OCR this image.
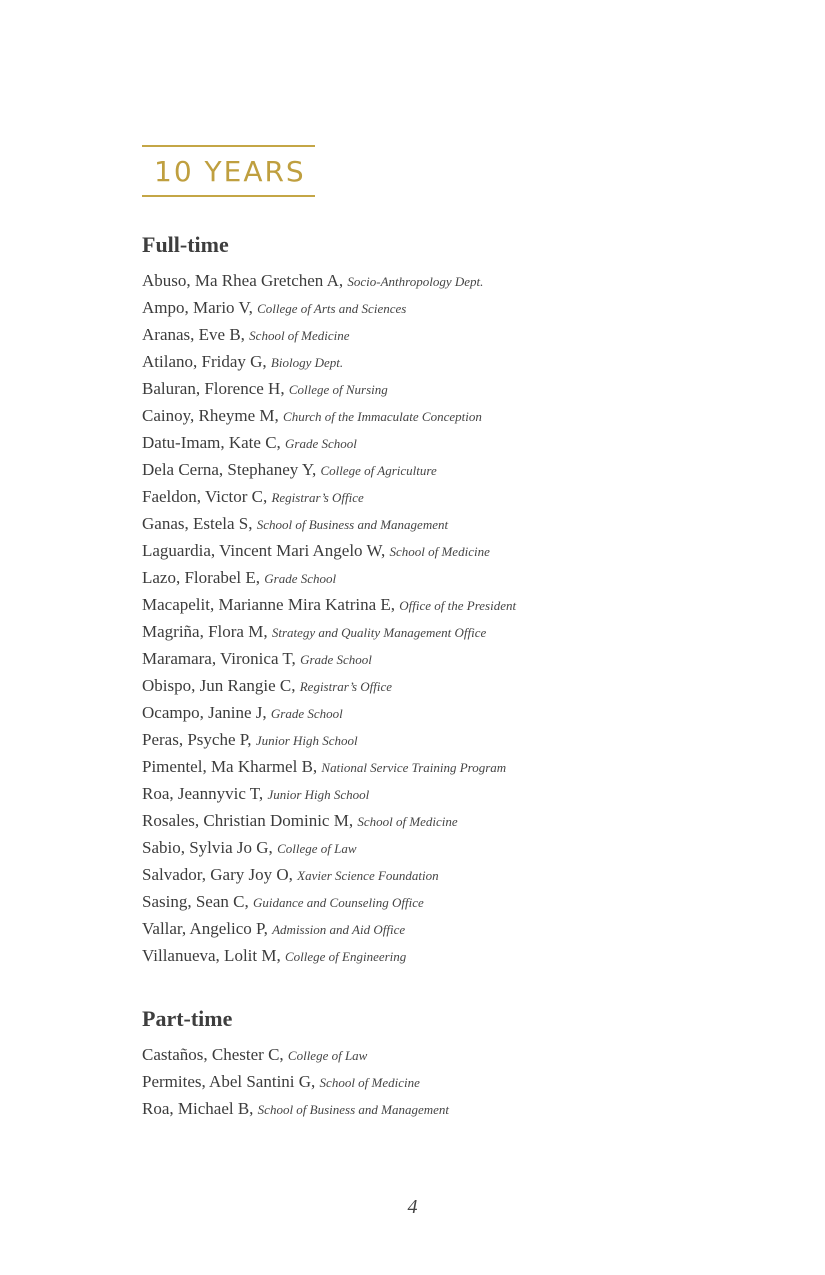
10 YEARS
Full-time
Abuso, Ma Rhea Gretchen A, Socio-Anthropology Dept.
Ampo, Mario V, College of Arts and Sciences
Aranas, Eve B, School of Medicine
Atilano, Friday G, Biology Dept.
Baluran, Florence H, College of Nursing
Cainoy, Rheyme M, Church of the Immaculate Conception
Datu-Imam, Kate C, Grade School
Dela Cerna, Stephaney Y, College of Agriculture
Faeldon, Victor C, Registrar’s Office
Ganas, Estela S, School of Business and Management
Laguardia, Vincent Mari Angelo W, School of Medicine
Lazo, Florabel E, Grade School
Macapelit, Marianne Mira Katrina E, Office of the President
Magriña, Flora M, Strategy and Quality Management Office
Maramara, Vironica T, Grade School
Obispo, Jun Rangie C, Registrar’s Office
Ocampo, Janine J, Grade School
Peras, Psyche P, Junior High School
Pimentel, Ma Kharmel B, National Service Training Program
Roa, Jeannyvic T, Junior High School
Rosales, Christian Dominic M, School of Medicine
Sabio, Sylvia Jo G, College of Law
Salvador, Gary Joy O, Xavier Science Foundation
Sasing, Sean C, Guidance and Counseling Office
Vallar, Angelico P, Admission and Aid Office
Villanueva, Lolit M, College of Engineering
Part-time
Castaños, Chester C, College of Law
Permites, Abel Santini G, School of Medicine
Roa, Michael B, School of Business and Management
4
